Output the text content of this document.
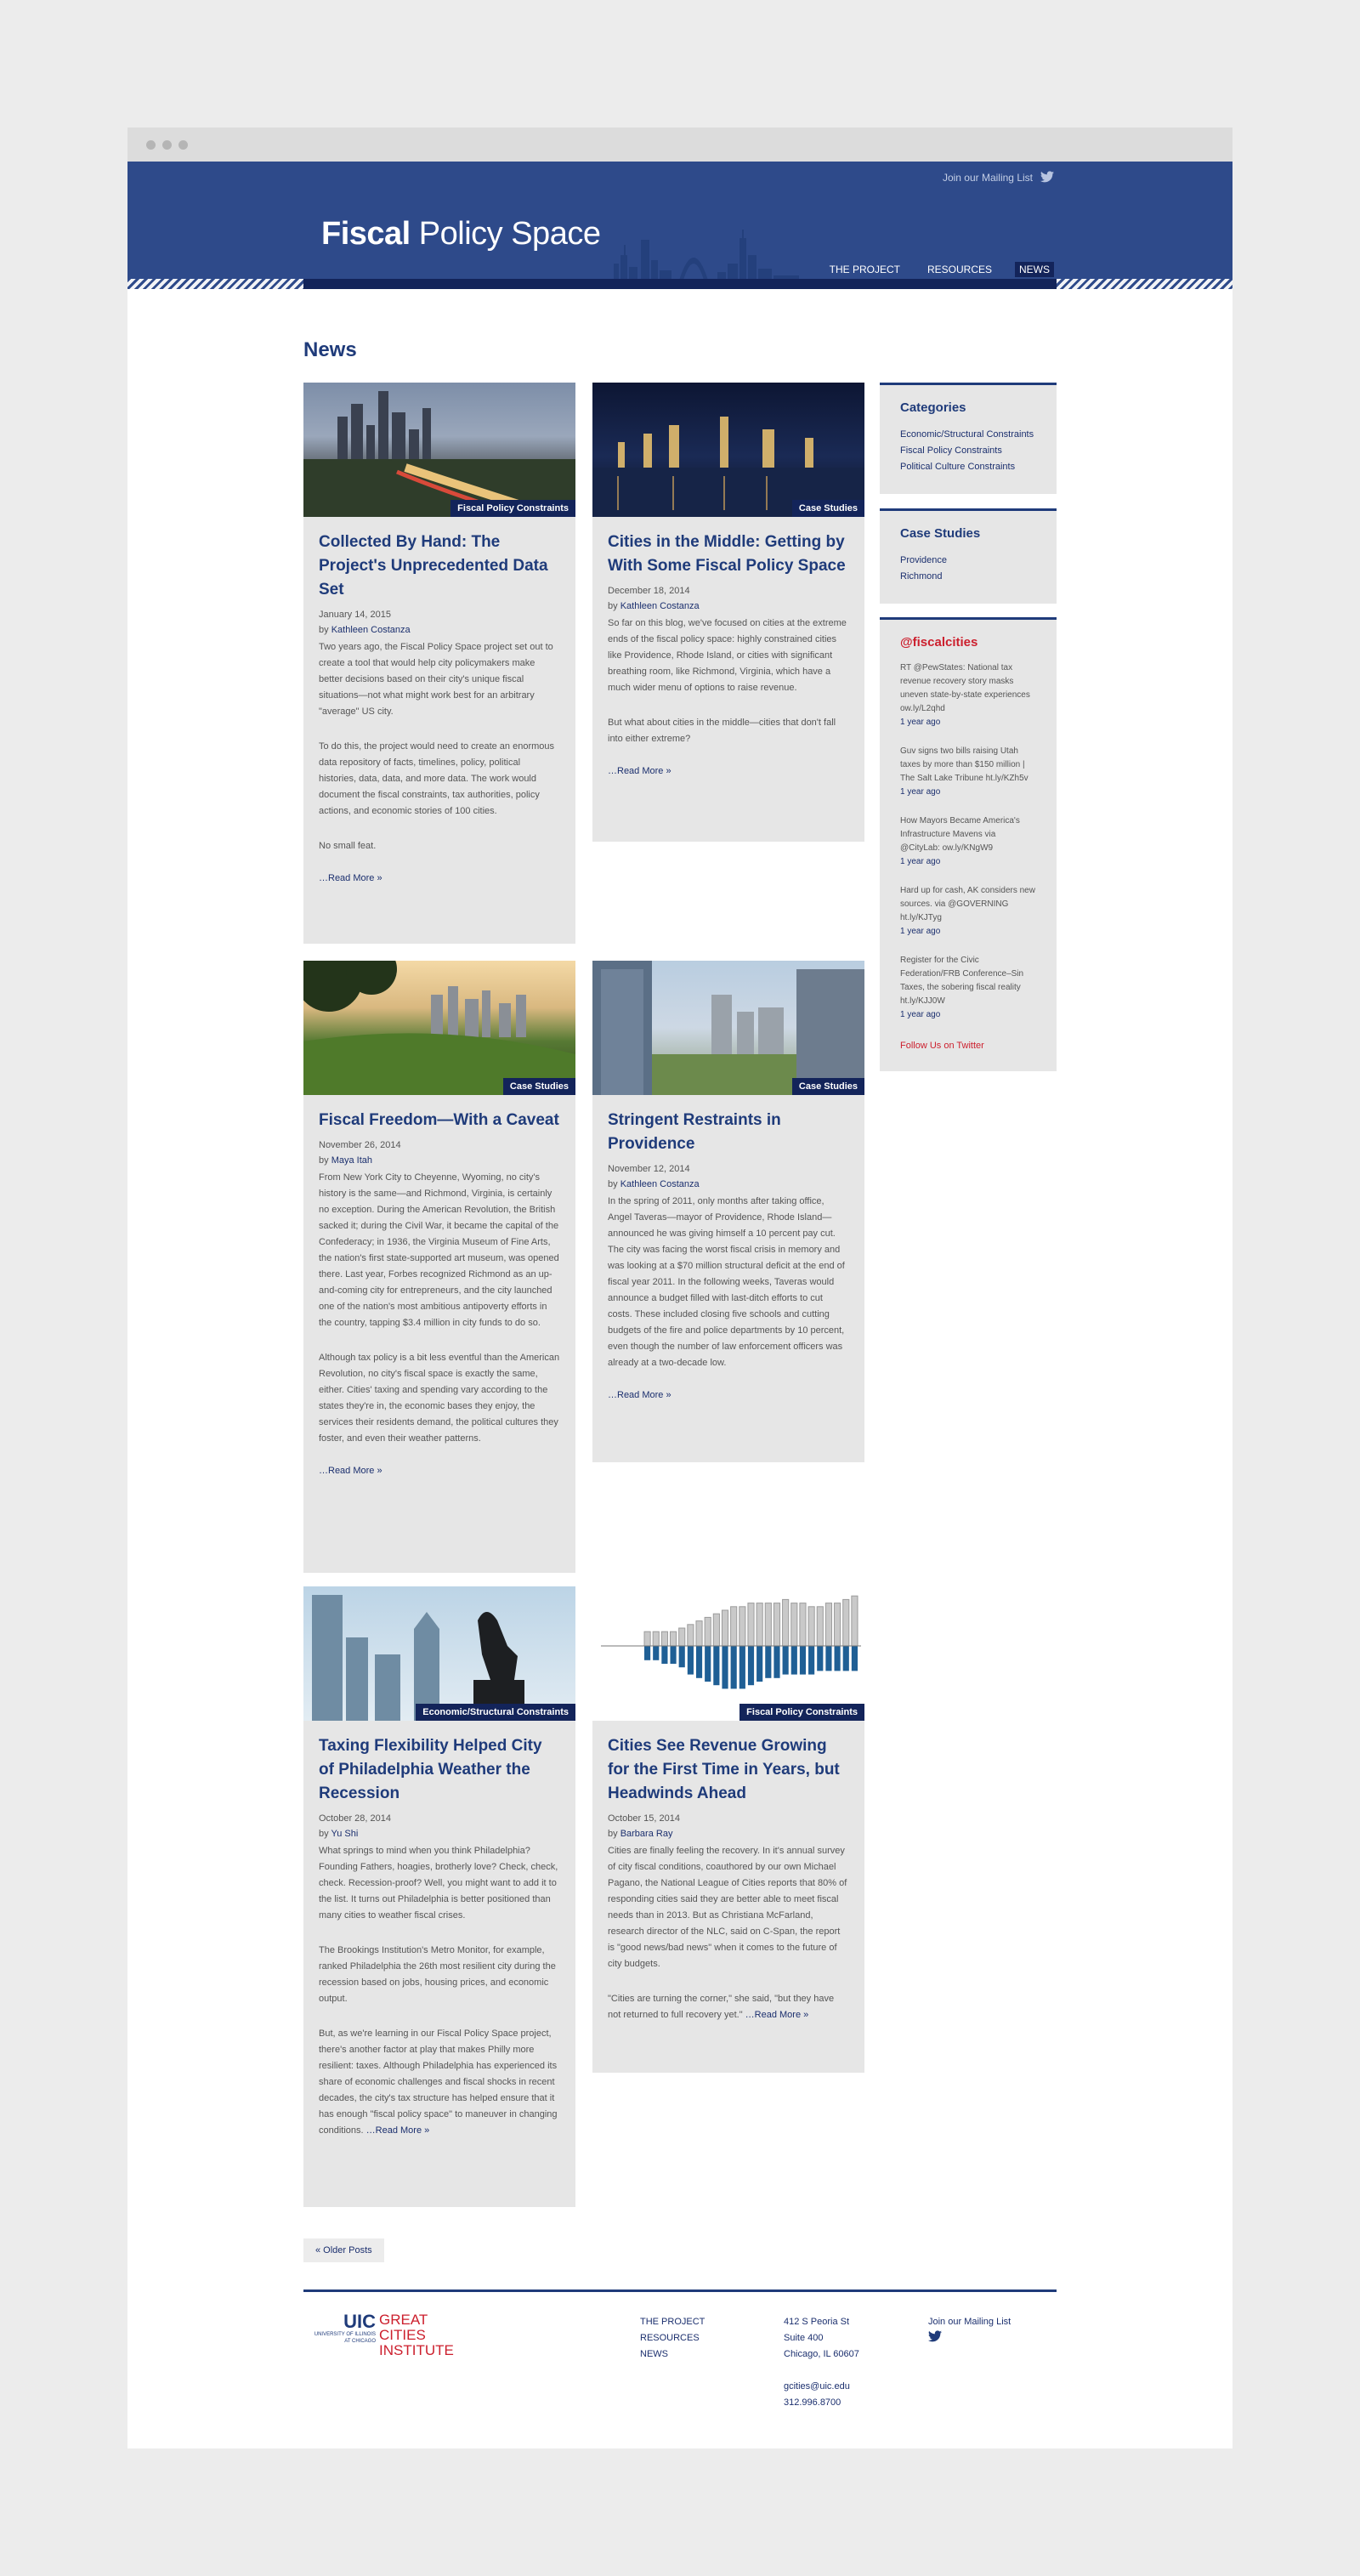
Join our Mailing List
Fiscal Policy Space
THE PROJECT	RESOURCES	NEWS
News
Fiscal Policy Constraints
Collected By Hand: The Project's Unprecedented Data Set
January 14, 2015
by Kathleen Costanza

Two years ago, the Fiscal Policy Space project set out to create a tool that would help city policymakers make better decisions based on their city's unique fiscal situations—not what might work best for an arbitrary "average" US city.

To do this, the project would need to create an enormous data repository of facts, timelines, policy, political histories, data, data, and more data. The work would document the fiscal constraints, tax authorities, policy actions, and economic stories of 100 cities.

No small feat.

…Read More »
Case Studies
Cities in the Middle: Getting by With Some Fiscal Policy Space
December 18, 2014
by Kathleen Costanza

So far on this blog, we've focused on cities at the extreme ends of the fiscal policy space: highly constrained cities like Providence, Rhode Island, or cities with significant breathing room, like Richmond, Virginia, which have a much wider menu of options to raise revenue.

But what about cities in the middle—cities that don't fall into either extreme?

…Read More »
Categories
Economic/Structural Constraints
Fiscal Policy Constraints
Political Culture Constraints
Case Studies
Providence
Richmond
@fiscalcities
RT @PewStates: National tax revenue recovery story masks uneven state-by-state experiences ow.ly/L2qhd
1 year ago
Guv signs two bills raising Utah taxes by more than $150 million | The Salt Lake Tribune ht.ly/KZh5v
1 year ago
How Mayors Became America's Infrastructure Mavens via @CityLab: ow.ly/KNgW9
1 year ago
Hard up for cash, AK considers new sources. via @GOVERNING ht.ly/KJTyg
1 year ago
Register for the Civic Federation/FRB Conference–Sin Taxes, the sobering fiscal reality ht.ly/KJJ0W
1 year ago
Follow Us on Twitter
Case Studies
Fiscal Freedom—With a Caveat
November 26, 2014
by Maya Itah

From New York City to Cheyenne, Wyoming, no city's history is the same—and Richmond, Virginia, is certainly no exception. During the American Revolution, the British sacked it; during the Civil War, it became the capital of the Confederacy; in 1936, the Virginia Museum of Fine Arts, the nation's first state-supported art museum, was opened there. Last year, Forbes recognized Richmond as an up-and-coming city for entrepreneurs, and the city launched one of the nation's most ambitious antipoverty efforts in the country, tapping $3.4 million in city funds to do so.

Although tax policy is a bit less eventful than the American Revolution, no city's fiscal space is exactly the same, either. Cities' taxing and spending vary according to the states they're in, the economic bases they enjoy, the services their residents demand, the political cultures they foster, and even their weather patterns.

…Read More »
Case Studies
Stringent Restraints in Providence
November 12, 2014
by Kathleen Costanza

In the spring of 2011, only months after taking office, Angel Taveras—mayor of Providence, Rhode Island—announced he was giving himself a 10 percent pay cut. The city was facing the worst fiscal crisis in memory and was looking at a $70 million structural deficit at the end of fiscal year 2011. In the following weeks, Taveras would announce a budget filled with last-ditch efforts to cut costs. These included closing five schools and cutting budgets of the fire and police departments by 10 percent, even though the number of law enforcement officers was already at a two-decade low.

…Read More »
Economic/Structural Constraints
Taxing Flexibility Helped City of Philadelphia Weather the Recession
October 28, 2014
by Yu Shi

What springs to mind when you think Philadelphia? Founding Fathers, hoagies, brotherly love? Check, check, check. Recession-proof? Well, you might want to add it to the list. It turns out Philadelphia is better positioned than many cities to weather fiscal crises.

The Brookings Institution's Metro Monitor, for example, ranked Philadelphia the 26th most resilient city during the recession based on jobs, housing prices, and economic output.

But, as we're learning in our Fiscal Policy Space project, there's another factor at play that makes Philly more resilient: taxes. Although Philadelphia has experienced its share of economic challenges and fiscal shocks in recent decades, the city's tax structure has helped ensure that it has enough "fiscal policy space" to maneuver in changing conditions. …Read More »

Fiscal Policy Constraints
Cities See Revenue Growing for the First Time in Years, but Headwinds Ahead
October 15, 2014
by Barbara Ray

Cities are finally feeling the recovery. In it's annual survey of city fiscal conditions, coauthored by our own Michael Pagano, the National League of Cities reports that 80% of responding cities said they are better able to meet fiscal needs than in 2013. But as Christiana McFarland, research director of the NLC, said on C-Span, the report is "good news/bad news" when it comes to the future of city budgets.

"Cities are turning the corner," she said, "but they have not returned to full recovery yet." …Read More »

« Older Posts
UIC
UNIVERSITY OF ILLINOIS AT CHICAGO
GREAT CITIES INSTITUTE
THE PROJECT
RESOURCES
NEWS
412 S Peoria St
Suite 400
Chicago, IL 60607
gcities@uic.edu
312.996.8700
Join our Mailing List
